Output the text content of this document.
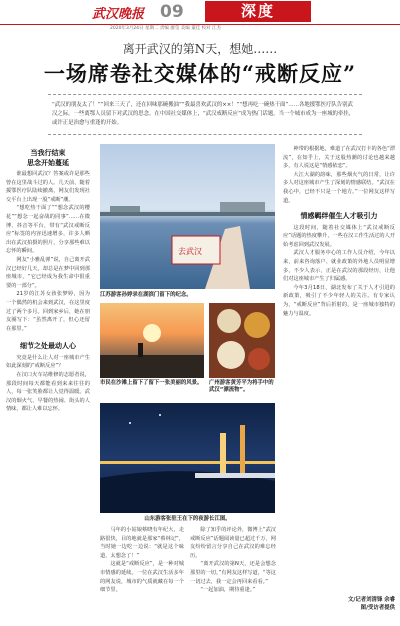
武汉晚报 09	深度
2020年3月24日 星期二 责编 廖莹 美编 董佳 校对 江杰
离开武汉的第N天，想她……
一场席卷社交媒体的“戒断反应”
“武汉的朋友太了！”“回来三天了，还在回味那碗搬油”“我最喜欢武汉的××！”“想再吃一碗热干面”……各地援鄂医疗队告别武汉之际，一些离鄂人员留下对武汉的思念。在中国社交媒体上，“武汉戒断反应”成为热门话题。当一个城市成为一座城的牵挂，或许正是治愈与重逢的开始。
当我行结束
思念开始蔓延

谁最想回武汉？答案或许是那些曾在这里战斗过的人。几天前，随着援鄂医疗队陆续撤离，网友们发现社交平台上出现一股“戒断”潮。

“想吃热干面了”“想念武汉的樱花”“想念一起奋战的同事”……在微博、抖音等平台，带有“武汉戒断反应”标签的内容迅速增多，许多人晒出在武汉拍摄的照片，分享那些难以忘怀的瞬间。

网友“小雅乱弹”说，自己离开武汉已经好几天，却总是在梦中回到那座城市，“它已经成为我生命中很重要的一部分”。

21岁的江苏女孩张梦婷，因为一个偶然的机会来到武汉，在这里度过了两个多月。回到家乡后，她在朋友圈写下：“虽然离开了，但心还留在那里。”

细节之处最动人心

究竟是什么让人对一座城市产生如此深刻的“戒断反应”？

在汉口火车站维修的志愿者说，那段时间每天都能看到来来往往的人，每一张笑脸都让人觉得温暖。武汉的烟火气、早餐的热闹、街头的人情味，都让人难以忘怀。

去武汉
江苏游客孙婷录在湖滨门留下的纪念。
市民在沙滩上留下了留下一张美丽的风景。 广州游客黄芳平为将手中的武汉“漂流物”。
山东游客张驻王在下的夜游长江图。

马年的小姑娘蔡晓有年纪大，走路很快，目的地就是那家“蔡林记”，当时她一边吃一边说：“就是这个味道，太想念了！”

这就是“戒断反应”，是一种对城市情感的延续。一位在武汉生活多年的网友说，城市的气质就藏在每一个细节里。

除了知乎的评论外，微博上“武汉戒断反应”话题阅读量已超过千万，网友纷纷留言分享自己在武汉的难忘经历。

“离开武汉的第N天，还是会想念那里的一切。”有网友这样写道，“等这一切过去，我一定会再回来看看。”

“一起加油，期待重逢。”

神带的根据地，难道了在武汉打卡的各色“漂流”，在知乎上，关于这股热潮的讨论也越来越多，有人说这是“情感依恋”。

大江大湖的韵味，那些烟火气的日常，让许多人对这座城市产生了深刻的情感联结。“武汉在我心中，已经不只是一个地方。”一位网友这样写道。

情感羁绊催生人才吸引力

这段时间，随着社交媒体上“武汉戒断反应”话题的热度攀升，一些在汉工作生活过的人开始考虑回到武汉发展。

武汉人才服务中心的工作人员介绍，今年以来，前来咨询落户、就业政策的外地人员明显增多，不少人表示，正是在武汉的那段经历，让他们对这座城市产生了归属感。

今年3月18日，湖北发布了关于人才引进的新政策，吸引了不少年轻人的关注。有专家认为，“戒断反应”背后折射的，是一座城市独特的魅力与温度。

文/记者刘清锋 余睿
图/受访者提供
